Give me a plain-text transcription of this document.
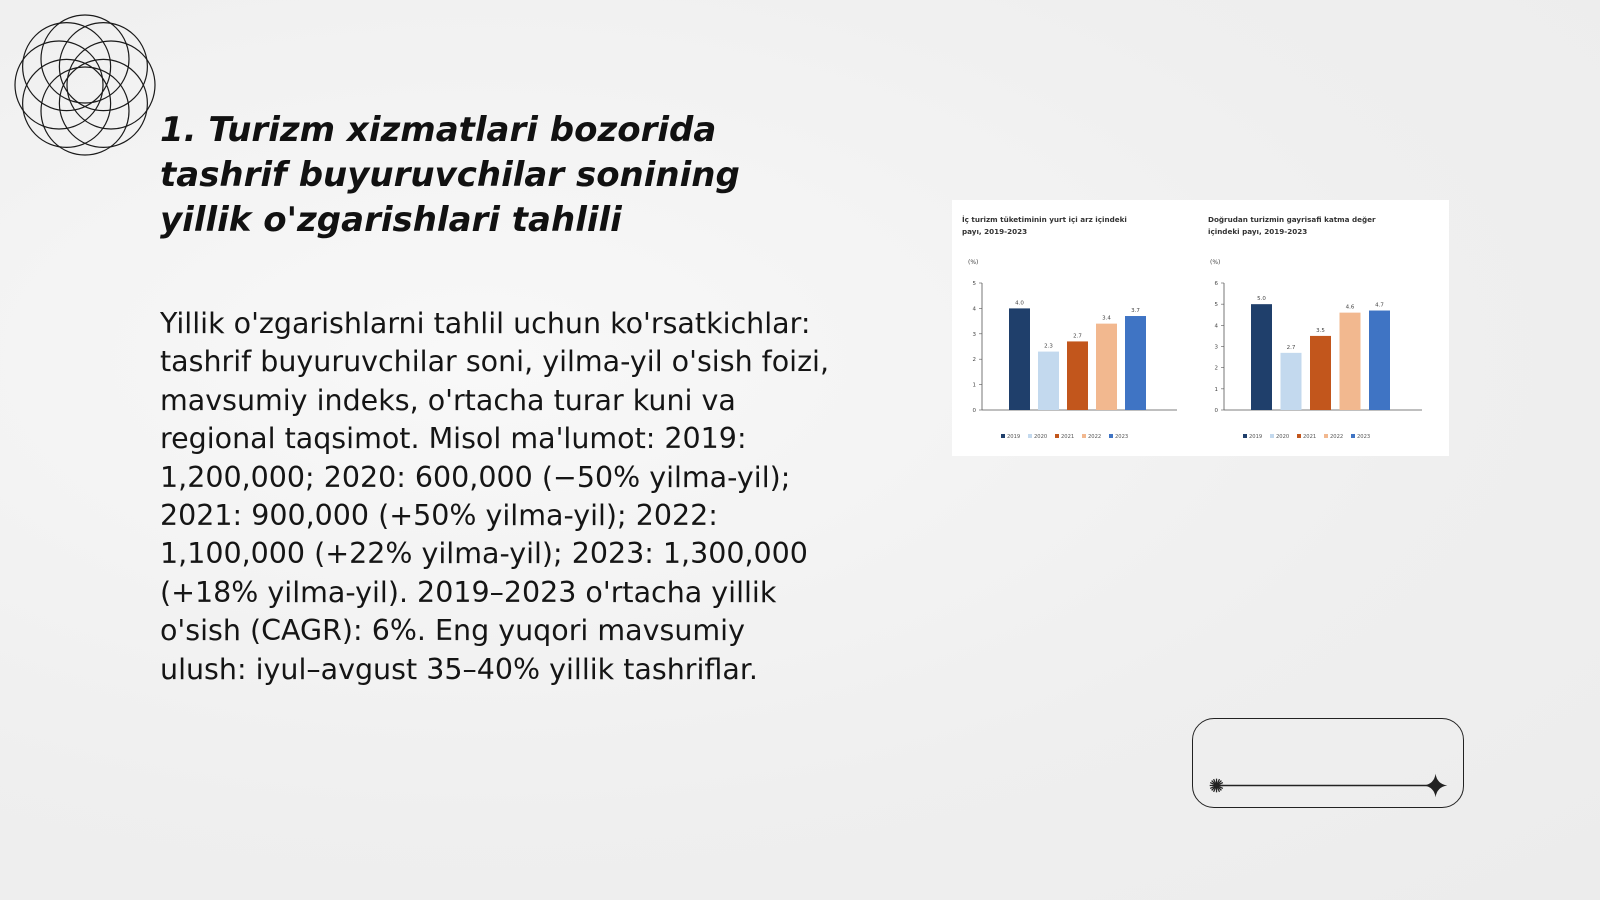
1. Turizm xizmatlari bozorida tashrif buyuruvchilar sonining yillik o'zgarishlari tahlili

Yillik o'zgarishlarni tahlil uchun ko'rsatkichlar: tashrif buyuruvchilar soni, yilma-yil o'sish foizi, mavsumiy indeks, o'rtacha turar kuni va regional taqsimot. Misol ma'lumot: 2019: 1,200,000; 2020: 600,000 (−50% yilma-yil); 2021: 900,000 (+50% yilma-yil); 2022: 1,100,000 (+22% yilma-yil); 2023: 1,300,000 (+18% yilma-yil). 2019–2023 o'rtacha yillik o'sish (CAGR): 6%. Eng yuqori mavsumiy ulush: iyul–avgust 35–40% yillik tashriflar.

İç turizm tüketiminin yurt içi arz içindeki payı, 2019-2023
(%)
0
1
2
3
4
5
4.0
2.3
2.7
3.4
3.7
2019	2020	2021	2022	2023
Doğrudan turizmin gayrisafi katma değer içindeki payı, 2019-2023
(%)
0
1
2
3
4
5
6
5.0
2.7
3.5
4.6	4.7
2019	2020	2021	2022	2023
